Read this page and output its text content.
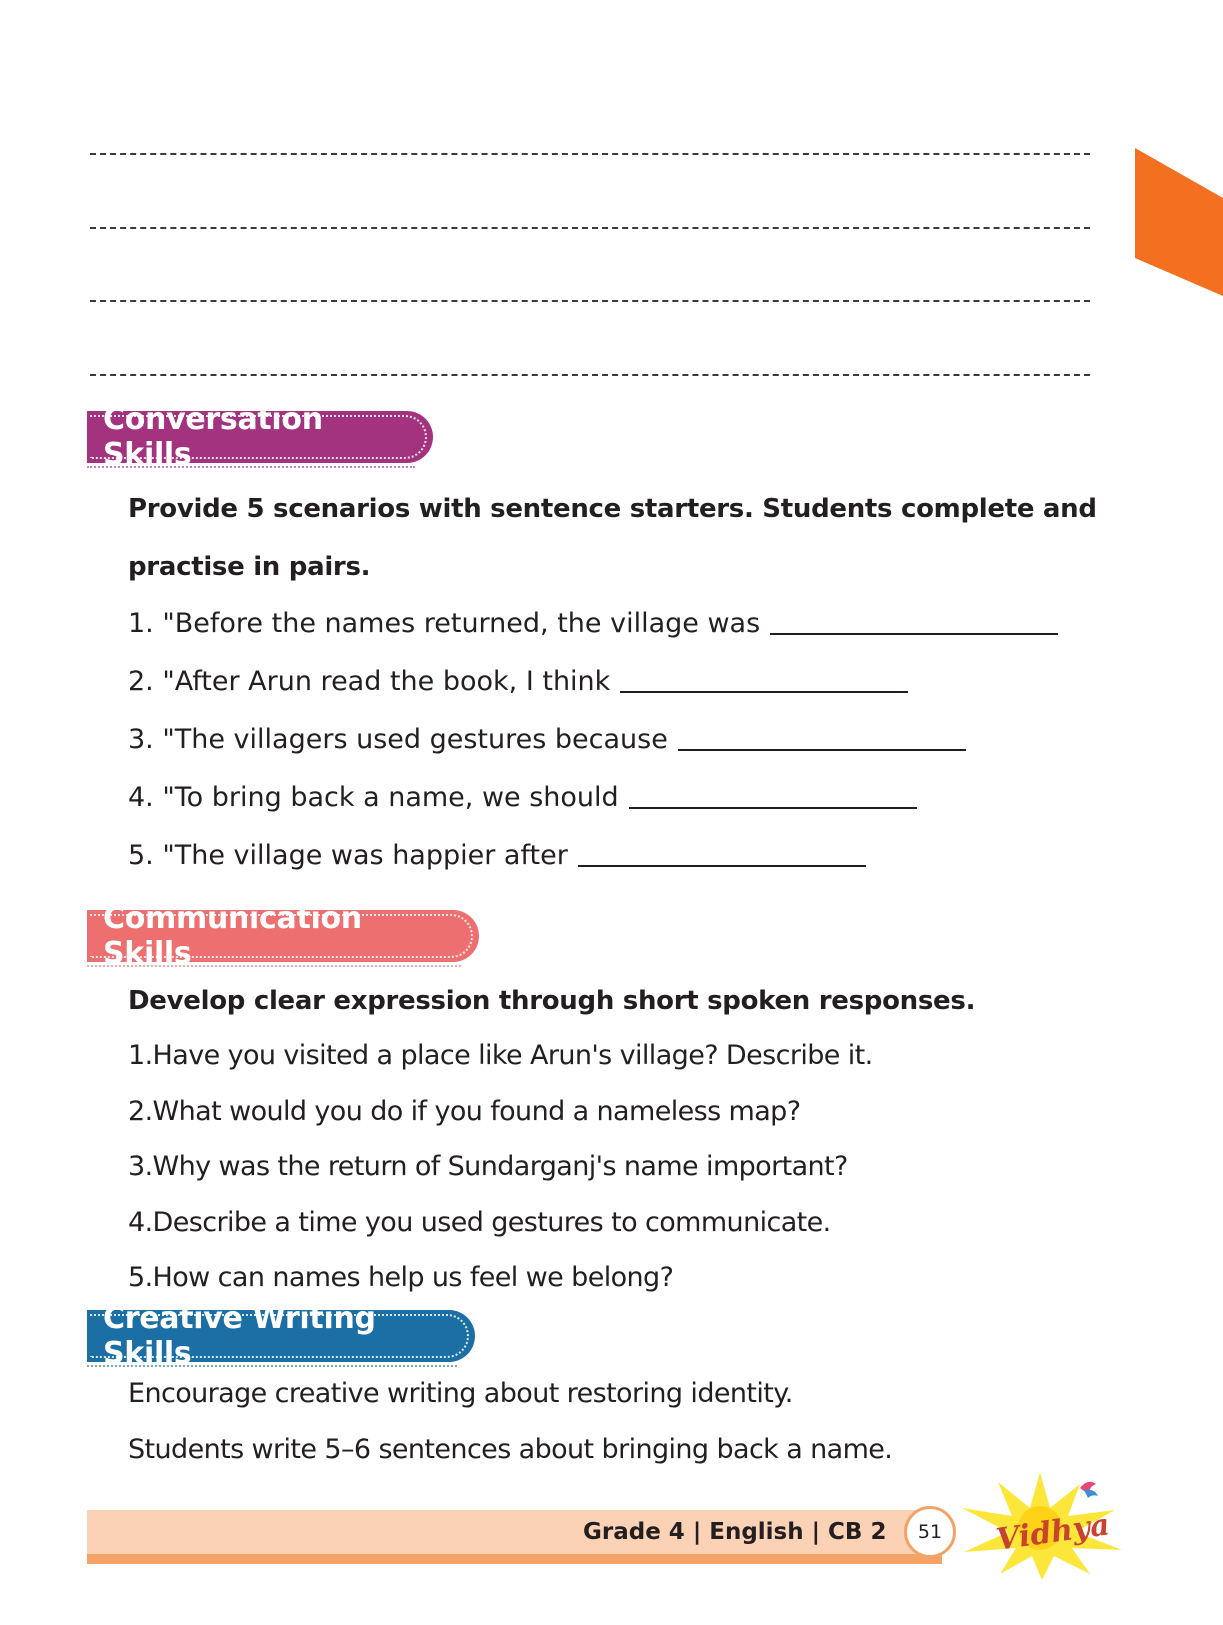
Conversation Skills
Provide 5 scenarios with sentence starters. Students complete and
practise in pairs.
1. "Before the names returned, the village was
2. "After Arun read the book, I think
3. "The villagers used gestures because
4. "To bring back a name, we should
5. "The village was happier after
Communication Skills
Develop clear expression through short spoken responses.
1.Have you visited a place like Arun's village? Describe it.
2.What would you do if you found a nameless map?
3.Why was the return of Sundarganj's name important?
4.Describe a time you used gestures to communicate.
5.How can names help us feel we belong?
Creative Writing Skills
Encourage creative writing about restoring identity.
Students write 5–6 sentences about bringing back a name.
Grade 4 | English | CB 2	51	Vidhya
